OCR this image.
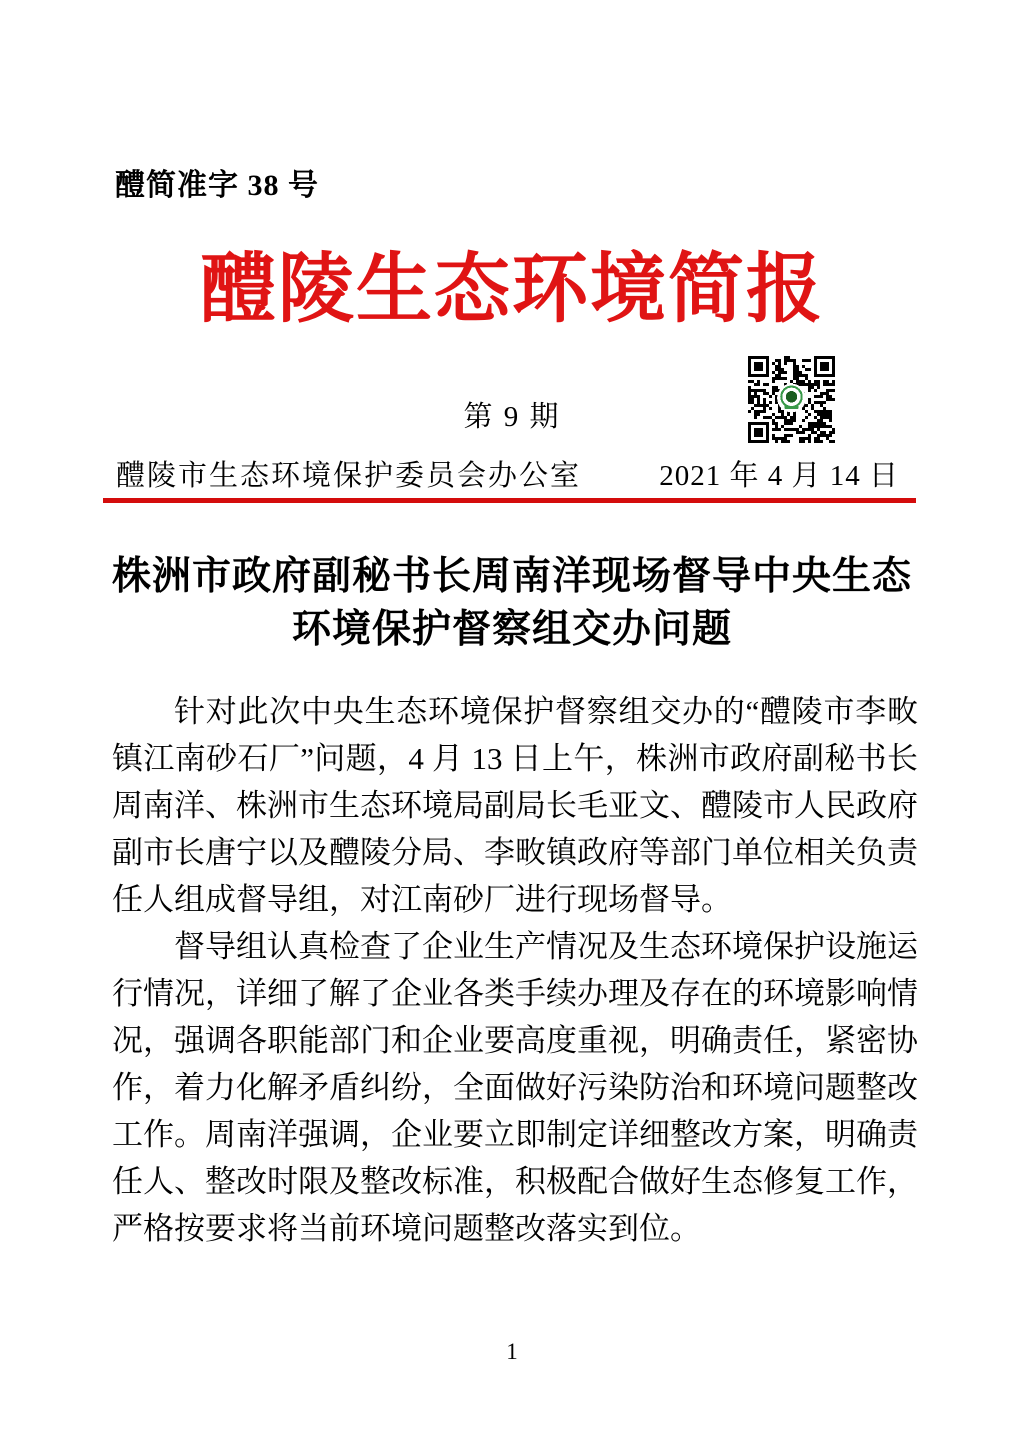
醴简准字 38 号
醴陵生态环境简报
第 9 期
醴陵市生态环境保护委员会办公室	2021 年 4 月 14 日
株洲市政府副秘书长周南洋现场督导中央生态
环境保护督察组交办问题

针对此次中央生态环境保护督察组交办的“醴陵市李畋镇江南砂石厂”问题，4 月 13 日上午，株洲市政府副秘书长周南洋、株洲市生态环境局副局长毛亚文、醴陵市人民政府副市长唐宁以及醴陵分局、李畋镇政府等部门单位相关负责任人组成督导组，对江南砂厂进行现场督导。

督导组认真检查了企业生产情况及生态环境保护设施运行情况，详细了解了企业各类手续办理及存在的环境影响情况，强调各职能部门和企业要高度重视，明确责任，紧密协作，着力化解矛盾纠纷，全面做好污染防治和环境问题整改工作。周南洋强调，企业要立即制定详细整改方案，明确责任人、整改时限及整改标准，积极配合做好生态修复工作，严格按要求将当前环境问题整改落实到位。

1
